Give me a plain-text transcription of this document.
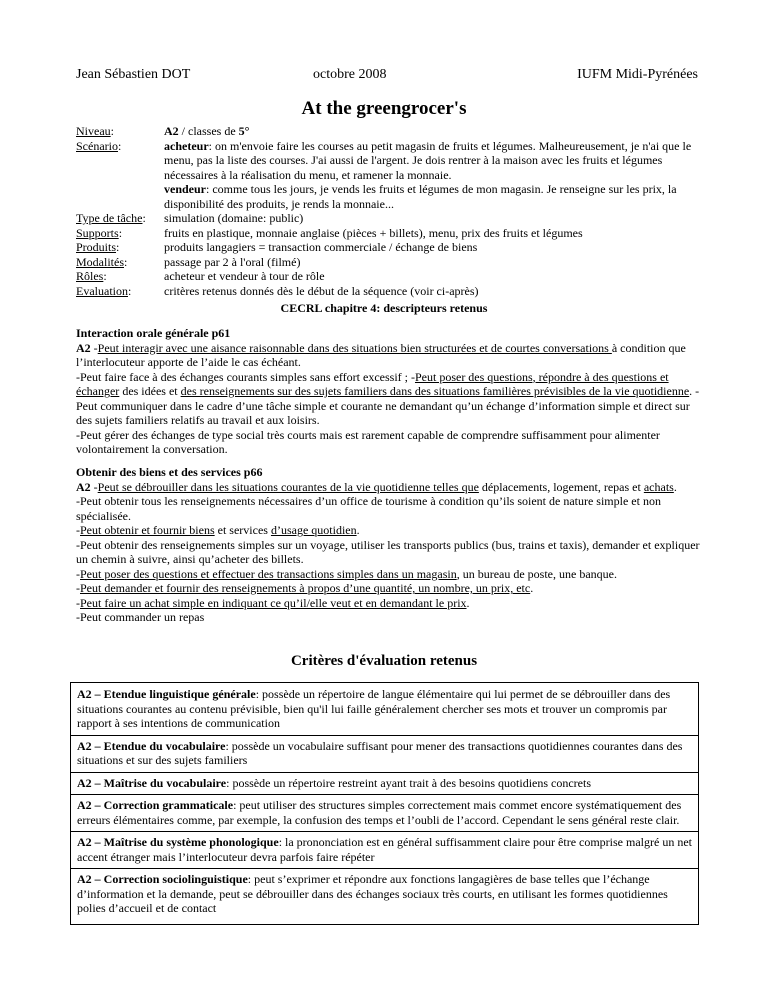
Jean Sébastien DOT	octobre 2008	IUFM Midi-Pyrénées
At the greengrocer's
Niveau:	A2 / classes de 5°
Scénario:	acheteur: on m'envoie faire les courses au petit magasin de fruits et légumes. Malheureusement, je n'ai que le menu, pas la liste des courses. J'ai aussi de l'argent. Je dois rentrer à la maison avec les fruits et légumes nécessaires à la réalisation du menu, et ramener la monnaie.
vendeur: comme tous les jours, je vends les fruits et légumes de mon magasin. Je renseigne sur les prix, la disponibilité des produits, je rends la monnaie...
Type de tâche:	simulation (domaine: public)
Supports:	fruits en plastique, monnaie anglaise (pièces + billets), menu, prix des fruits et légumes
Produits:	produits langagiers = transaction commerciale / échange de biens
Modalités:	passage par 2 à l'oral (filmé)
Rôles:	acheteur et vendeur à tour de rôle
Evaluation:	critères retenus donnés dès le début de la séquence (voir ci-après)
CECRL chapitre 4: descripteurs retenus
Interaction orale générale p61

A2 -Peut interagir avec une aisance raisonnable dans des situations bien structurées et de courtes conversations à condition que l’interlocuteur apporte de l’aide le cas échéant.

-Peut faire face à des échanges courants simples sans effort excessif ; -Peut poser des questions, répondre à des questions et échanger des idées et des renseignements sur des sujets familiers dans des situations familières prévisibles de la vie quotidienne. -Peut communiquer dans le cadre d’une tâche simple et courante ne demandant qu’un échange d’information simple et direct sur des sujets familiers relatifs au travail et aux loisirs.

-Peut gérer des échanges de type social très courts mais est rarement capable de comprendre suffisamment pour alimenter volontairement la conversation.

Obtenir des biens et des services p66

A2 -Peut se débrouiller dans les situations courantes de la vie quotidienne telles que déplacements, logement, repas et achats.

-Peut obtenir tous les renseignements nécessaires d’un office de tourisme à condition qu’ils soient de nature simple et non spécialisée.

-Peut obtenir et fournir biens et services d’usage quotidien.

-Peut obtenir des renseignements simples sur un voyage, utiliser les transports publics (bus, trains et taxis), demander et expliquer un chemin à suivre, ainsi qu’acheter des billets.

-Peut poser des questions et effectuer des transactions simples dans un magasin, un bureau de poste, une banque.

-Peut demander et fournir des renseignements à propos d’une quantité, un nombre, un prix, etc.

-Peut faire un achat simple en indiquant ce qu’il/elle veut et en demandant le prix.

-Peut commander un repas

Critères d'évaluation retenus
A2 – Etendue linguistique générale: possède un répertoire de langue élémentaire qui lui permet de se débrouiller dans des situations courantes au contenu prévisible, bien qu'il lui faille généralement chercher ses mots et trouver un compromis par rapport à ses intentions de communication
A2 – Etendue du vocabulaire: possède un vocabulaire suffisant pour mener des transactions quotidiennes courantes dans des situations et sur des sujets familiers
A2 – Maîtrise du vocabulaire: possède un répertoire restreint ayant trait à des besoins quotidiens concrets
A2 – Correction grammaticale: peut utiliser des structures simples correctement mais commet encore systématiquement des erreurs élémentaires comme, par exemple, la confusion des temps et l’oubli de l’accord. Cependant le sens général reste clair.
A2 – Maîtrise du système phonologique: la prononciation est en général suffisamment claire pour être comprise malgré un net accent étranger mais l’interlocuteur devra parfois faire répéter
A2 – Correction sociolinguistique: peut s’exprimer et répondre aux fonctions langagières de base telles que l’échange d’information et la demande, peut se débrouiller dans des échanges sociaux très courts, en utilisant les formes quotidiennes polies d’accueil et de contact
